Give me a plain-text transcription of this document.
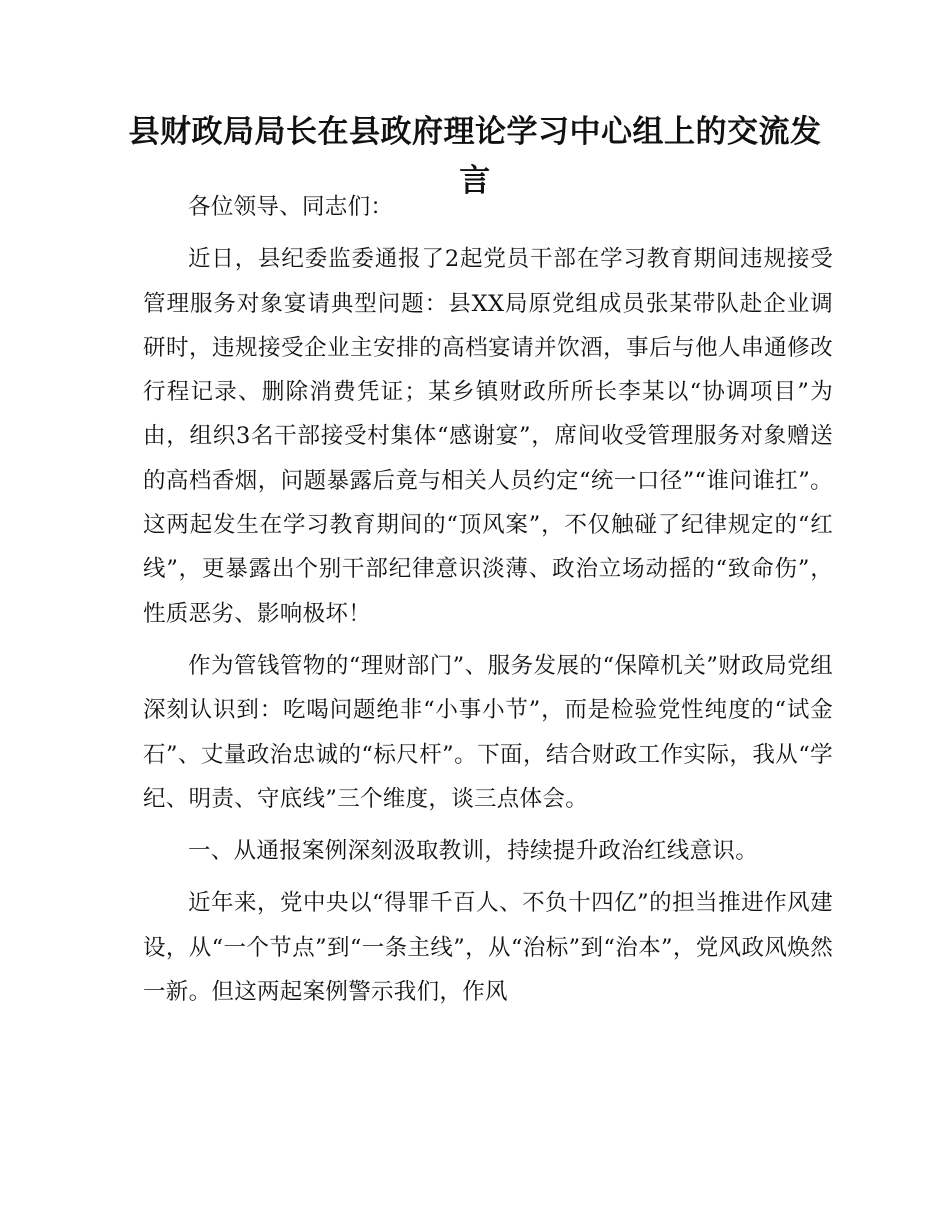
县财政局局长在县政府理论学习中心组上的交流发言

各位领导、同志们：

近日，县纪委监委通报了2起党员干部在学习教育期间违规接受管理服务对象宴请典型问题：县XX局原党组成员张某带队赴企业调研时，违规接受企业主安排的高档宴请并饮酒，事后与他人串通修改行程记录、删除消费凭证；某乡镇财政所所长李某以“协调项目”为由，组织3名干部接受村集体“感谢宴”，席间收受管理服务对象赠送的高档香烟，问题暴露后竟与相关人员约定“统一口径”“谁问谁扛”。这两起发生在学习教育期间的“顶风案”，不仅触碰了纪律规定的“红线”，更暴露出个别干部纪律意识淡薄、政治立场动摇的“致命伤”，性质恶劣、影响极坏！

作为管钱管物的“理财部门”、服务发展的“保障机关”财政局党组深刻认识到：吃喝问题绝非“小事小节”，而是检验党性纯度的“试金石”、丈量政治忠诚的“标尺杆”。下面，结合财政工作实际，我从“学纪、明责、守底线”三个维度，谈三点体会。

一、从通报案例深刻汲取教训，持续提升政治红线意识。

近年来，党中央以“得罪千百人、不负十四亿”的担当推进作风建设，从“一个节点”到“一条主线”，从“治标”到“治本”，党风政风焕然一新。但这两起案例警示我们，作风
